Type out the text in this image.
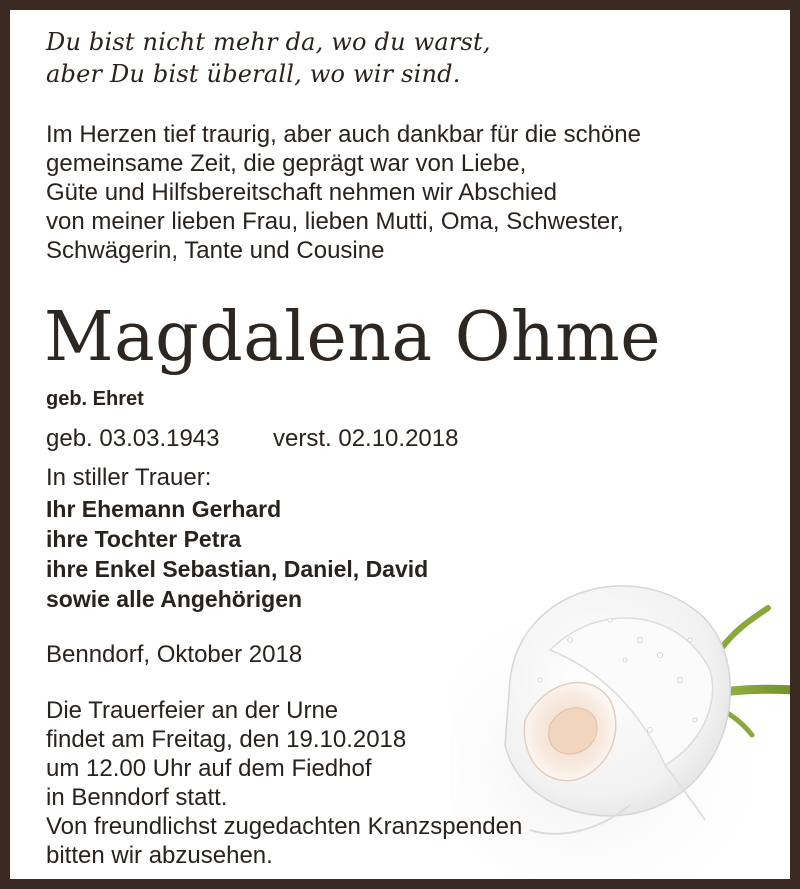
Du bist nicht mehr da, wo du warst,
aber Du bist überall, wo wir sind.
Im Herzen tief traurig, aber auch dankbar für die schöne
gemeinsame Zeit, die geprägt war von Liebe,
Güte und Hilfsbereitschaft nehmen wir Abschied
von meiner lieben Frau, lieben Mutti, Oma, Schwester,
Schwägerin, Tante und Cousine
Magdalena Ohme
geb. Ehret
geb. 03.03.1943 verst. 02.10.2018
In stiller Trauer:
Ihr Ehemann Gerhard
ihre Tochter Petra
ihre Enkel Sebastian, Daniel, David
sowie alle Angehörigen
Benndorf, Oktober 2018
Die Trauerfeier an der Urne
findet am Freitag, den 19.10.2018
um 12.00 Uhr auf dem Fiedhof
in Benndorf statt.
Von freundlichst zugedachten Kranzspenden
bitten wir abzusehen.
